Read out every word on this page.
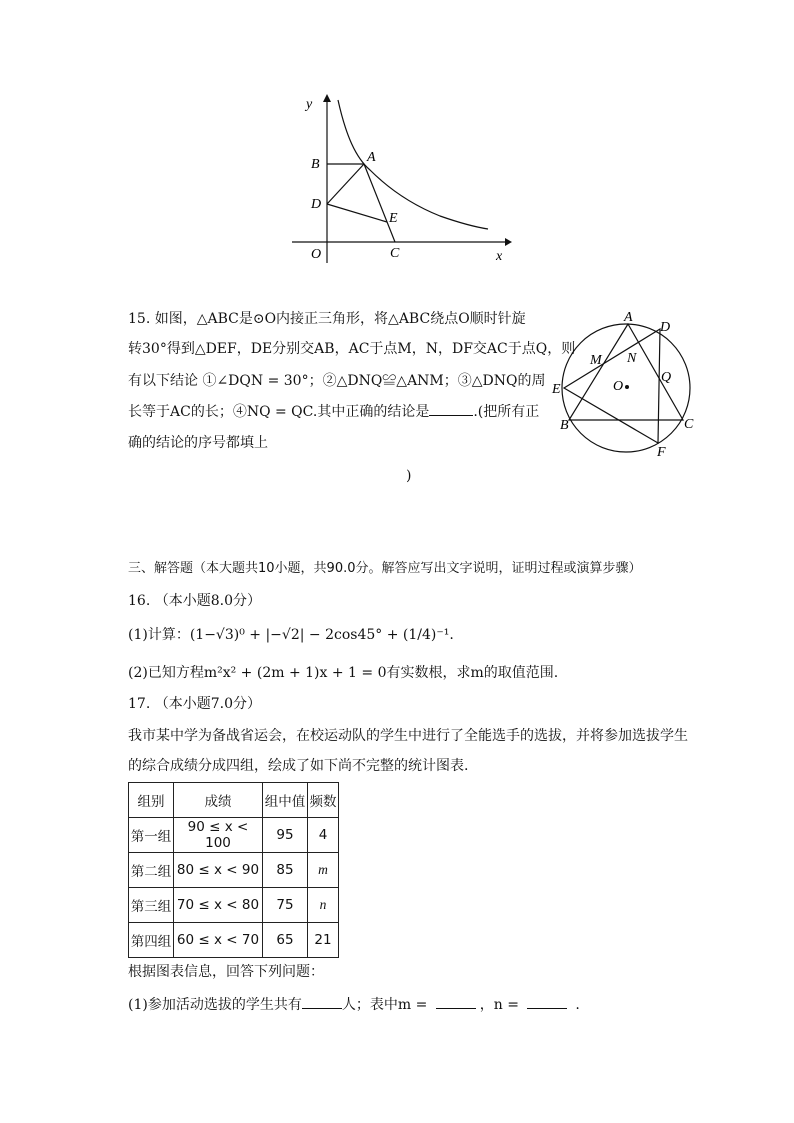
y
x
O
B	A
D
E
C
15. 如图，△ABC是⊙O内接正三角形，将△ABC绕点O顺时针旋
转30°得到△DEF，DE分别交AB，AC于点M，N，DF交AC于点Q，则
有以下结论 ①∠DQN = 30°；②△DNQ≌△ANM；③△DNQ的周
长等于AC的长；④NQ = QC.其中正确的结论是	.(把所有正
确的结论的序号都填上
)
A
D
M N
E	O
Q
B	C
F
三、解答题（本大题共10小题，共90.0分。解答应写出文字说明，证明过程或演算步骤）
16. （本小题8.0分）
(1)计算：(1−√3)⁰ + |−√2| − 2cos45° + (1/4)⁻¹.
(2)已知方程m²x² + (2m + 1)x + 1 = 0有实数根，求m的取值范围.
17. （本小题7.0分）
我市某中学为备战省运会，在校运动队的学生中进行了全能选手的选拔，并将参加选拔学生
的综合成绩分成四组，绘成了如下尚不完整的统计图表.
组别	成绩	组中值	频数
第一组	90 ≤ x < 100	95	4
第二组	80 ≤ x < 90	85	m
第三组	70 ≤ x < 80	75	n
第四组	60 ≤ x < 70	65	21
根据图表信息，回答下列问题：
(1)参加活动选拔的学生共有	人；表中m =	，n =	.
